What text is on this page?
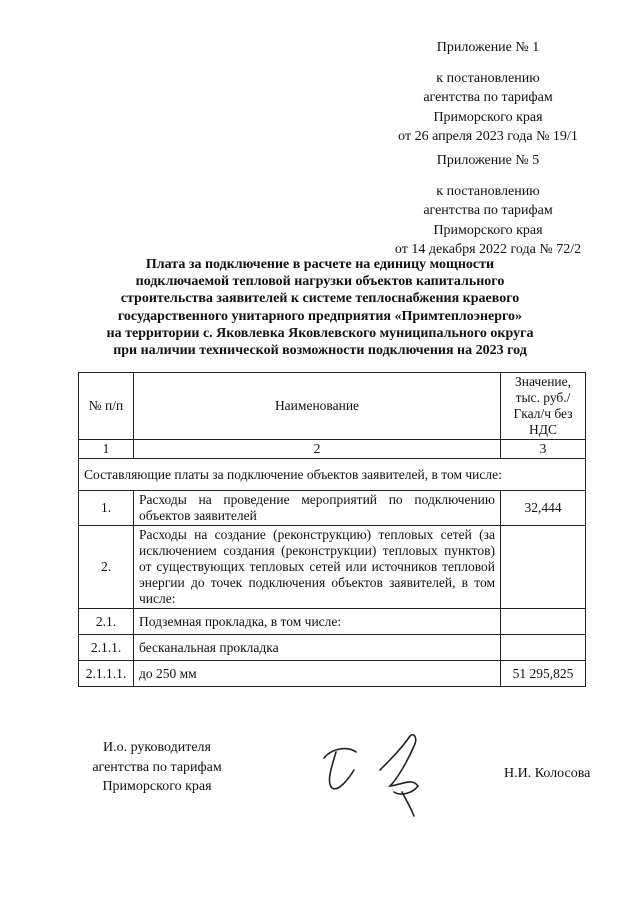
Приложение № 1
к постановлению
агентства по тарифам
Приморского края
от 26 апреля 2023 года № 19/1
Приложение № 5
к постановлению
агентства по тарифам
Приморского края
от 14 декабря 2022 года № 72/2
Плата за подключение в расчете на единицу мощности
подключаемой тепловой нагрузки объектов капитального
строительства заявителей к системе теплоснабжения краевого
государственного унитарного предприятия «Примтеплоэнерго»
на территории с. Яковлевка Яковлевского муниципального округа
при наличии технической возможности подключения на 2023 год
№ п/п	Наименование	Значение, тыс. руб./Гкал/ч без НДС
1	2	3
Составляющие платы за подключение объектов заявителей, в том числе:		
1.	Расходы на проведение мероприятий по подключению объектов заявителей	32,444
2.	Расходы на создание (реконструкцию) тепловых сетей (за исключением создания (реконструкции) тепловых пунктов) от существующих тепловых сетей или источников тепловой энергии до точек подключения объектов заявителей, в том числе:	
2.1.	Подземная прокладка, в том числе:	
2.1.1.	бесканальная прокладка	
2.1.1.1.	до 250 мм	51 295,825
И.о. руководителя
агентства по тарифам
Приморского края
Н.И. Колосова
